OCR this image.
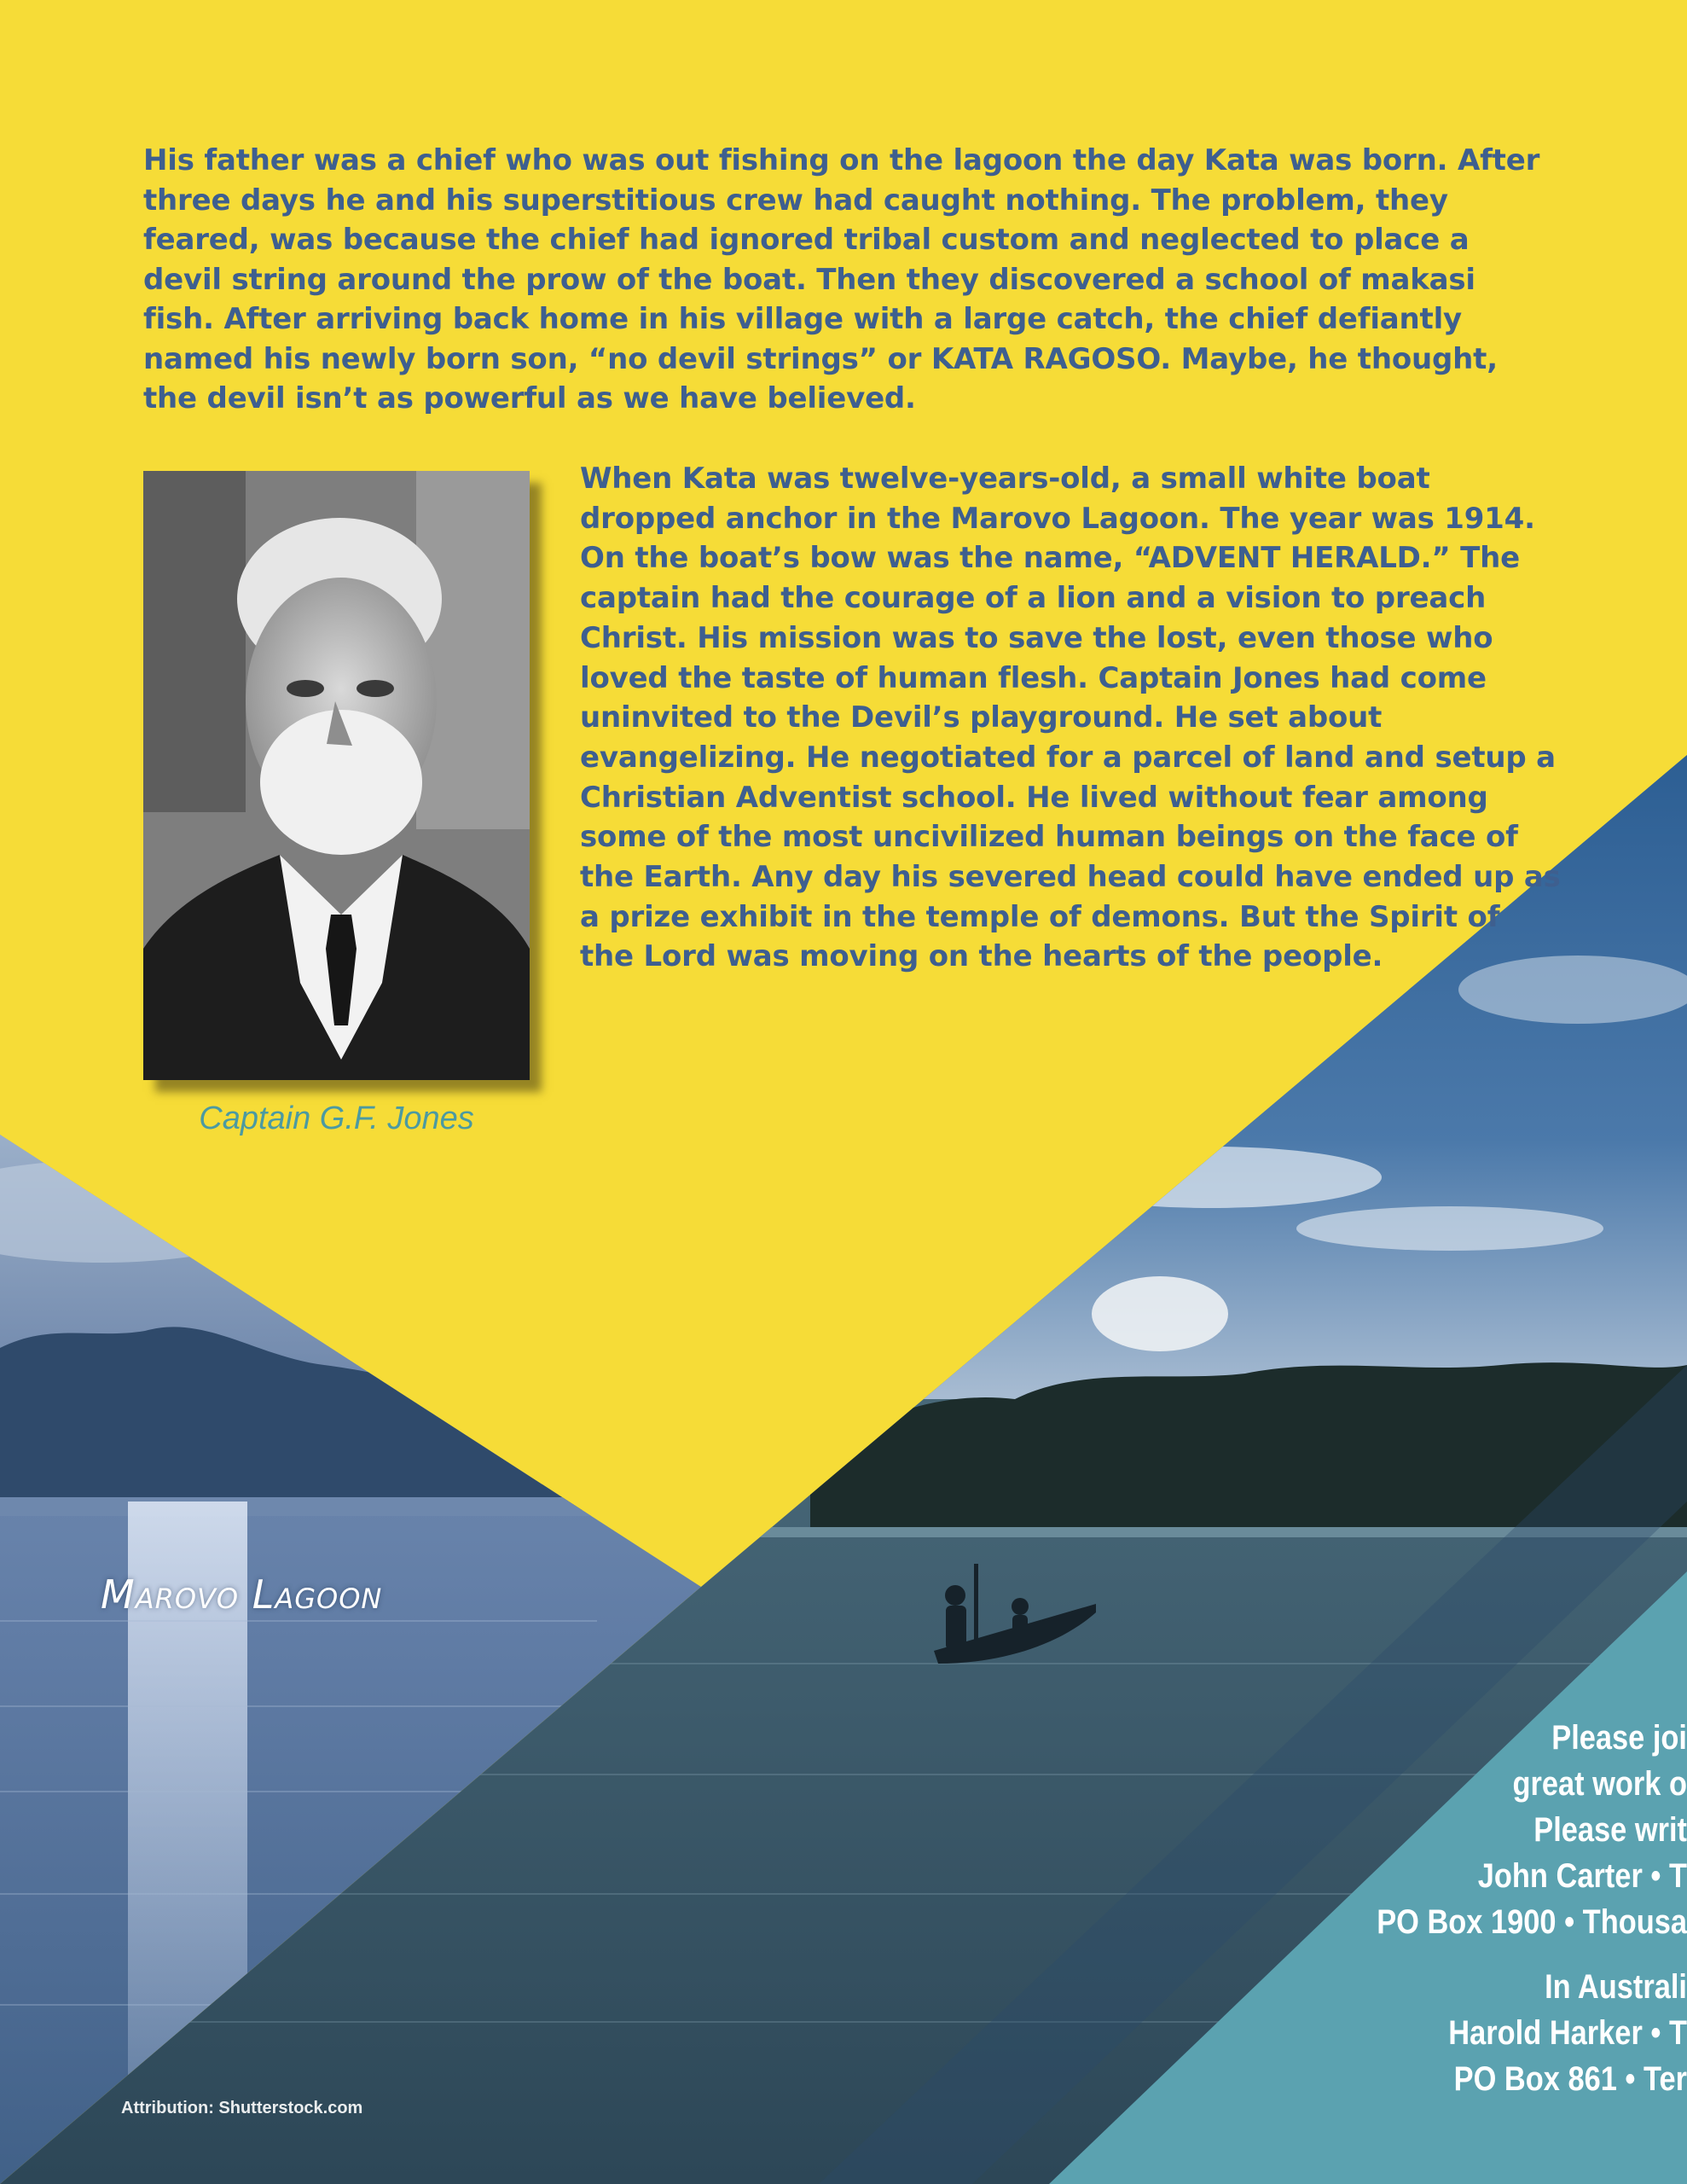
His father was a chief who was out fishing on the lagoon the day Kata was born. After three days he and his superstitious crew had caught nothing. The problem, they feared, was because the chief had ignored tribal custom and neglected to place a devil string around the prow of the boat. Then they discovered a school of makasi fish. After arriving back home in his village with a large catch, the chief defiantly named his newly born son, “no devil strings” or KATA RAGOSO. Maybe, he thought, the devil isn’t as powerful as we have believed.

Captain G.F. Jones

When Kata was twelve-years-old, a small white boat dropped anchor in the Marovo Lagoon. The year was 1914. On the boat’s bow was the name, “ADVENT HERALD.” The captain had the courage of a lion and a vision to preach Christ. His mission was to save the lost, even those who loved the taste of human flesh. Captain Jones had come uninvited to the Devil’s playground. He set about evangelizing. He negotiated for a parcel of land and setup a Christian Adventist school. He lived without fear among some of the most uncivilized human beings on the face of the Earth. Any day his severed head could have ended up as a prize exhibit in the temple of demons. But the Spirit of the Lord was moving on the hearts of the people.

Marovo Lagoon

Attribution: Shutterstock.com

Please joi

great work o

Please writ

John Carter • T

PO Box 1900 • Thousa

In Australi

Harold Harker • T

PO Box 861 • Ter
